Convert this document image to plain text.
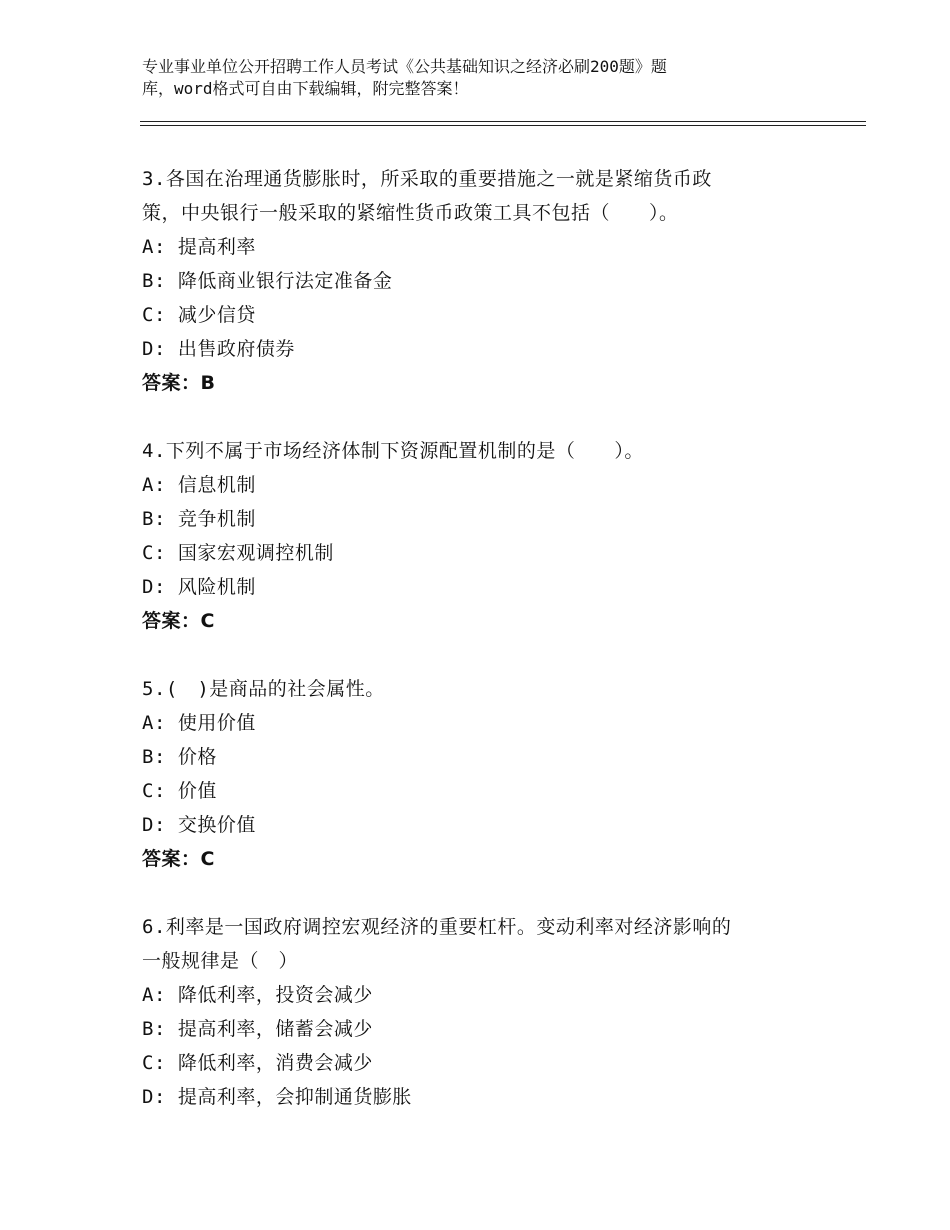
专业事业单位公开招聘工作人员考试《公共基础知识之经济必刷200题》题
库，word格式可自由下载编辑，附完整答案！
3.各国在治理通货膨胀时，所采取的重要措施之一就是紧缩货币政
策，中央银行一般采取的紧缩性货币政策工具不包括（　　）。
A: 提高利率
B: 降低商业银行法定准备金
C: 减少信贷
D: 出售政府债券
答案：B
4.下列不属于市场经济体制下资源配置机制的是（　　）。
A: 信息机制
B: 竞争机制
C: 国家宏观调控机制
D: 风险机制
答案：C
5.(　)是商品的社会属性。
A: 使用价值
B: 价格
C: 价值
D: 交换价值
答案：C
6.利率是一国政府调控宏观经济的重要杠杆。变动利率对经济影响的
一般规律是（　）
A: 降低利率，投资会减少
B: 提高利率，储蓄会减少
C: 降低利率，消费会减少
D: 提高利率，会抑制通货膨胀
